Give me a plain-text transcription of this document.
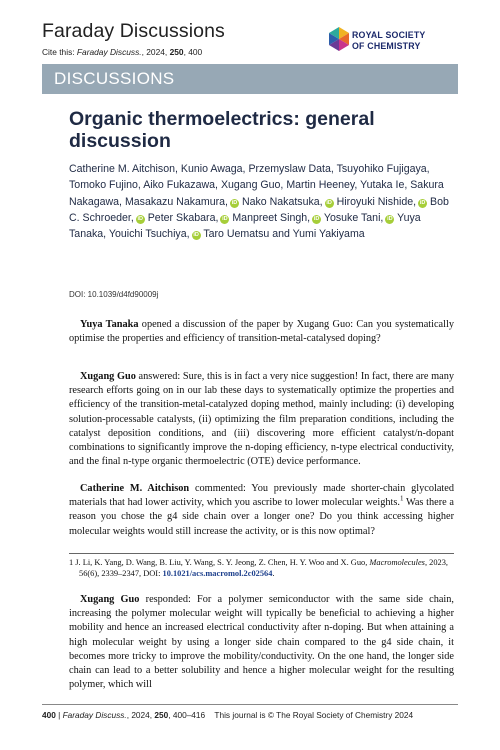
Faraday Discussions
Cite this: Faraday Discuss., 2024, 250, 400
ROYAL SOCIETY
OF CHEMISTRY
DISCUSSIONS
Organic thermoelectrics: general discussion
Catherine M. Aitchison, Kunio Awaga, Przemyslaw Data, Tsuyohiko Fujigaya, Tomoko Fujino, Aiko Fukazawa, Xugang Guo, Martin Heeney, Yutaka Ie, Sakura Nakagawa, Masakazu Nakamura, iD Nako Nakatsuka, iD Hiroyuki Nishide, iD Bob C. Schroeder, iD Peter Skabara, iD Manpreet Singh, iD Yosuke Tani, iD Yuya Tanaka, Youichi Tsuchiya, iD Taro Uematsu and Yumi Yakiyama
DOI: 10.1039/d4fd90009j

Yuya Tanaka opened a discussion of the paper by Xugang Guo: Can you systematically optimise the properties and efficiency of transition-metal-catalysed doping?

Xugang Guo answered: Sure, this is in fact a very nice suggestion! In fact, there are many research efforts going on in our lab these days to systematically optimize the properties and efficiency of the transition-metal-catalyzed doping method, mainly including: (i) developing solution-processable catalysts, (ii) optimizing the film preparation conditions, including the catalyst deposition conditions, and (iii) discovering more efficient catalyst/n-dopant combinations to significantly improve the n-doping efficiency, n-type electrical conductivity, and the final n-type organic thermoelectric (OTE) device performance.

Catherine M. Aitchison commented: You previously made shorter-chain glycolated materials that had lower activity, which you ascribe to lower molecular weights.$^1$ Was there a reason you chose the g4 side chain over a longer one? Do you think accessing higher molecular weights would still increase the activity, or is this now optimal?

1 J. Li, K. Yang, D. Wang, B. Liu, Y. Wang, S. Y. Jeong, Z. Chen, H. Y. Woo and X. Guo, Macromolecules, 2023, 56(6), 2339–2347, DOI: 10.1021/acs.macromol.2c02564.

Xugang Guo responded: For a polymer semiconductor with the same side chain, increasing the polymer molecular weight will typically be beneficial to achieving a higher mobility and hence an increased electrical conductivity after n-doping. But when attaining a high molecular weight by using a longer side chain compared to the g4 side chain, it becomes more tricky to improve the mobility/conductivity. On the one hand, the longer side chain can lead to a better solubility and hence a higher molecular weight for the resulting polymer, which will

400 | Faraday Discuss., 2024, 250, 400–416 This journal is © The Royal Society of Chemistry 2024
